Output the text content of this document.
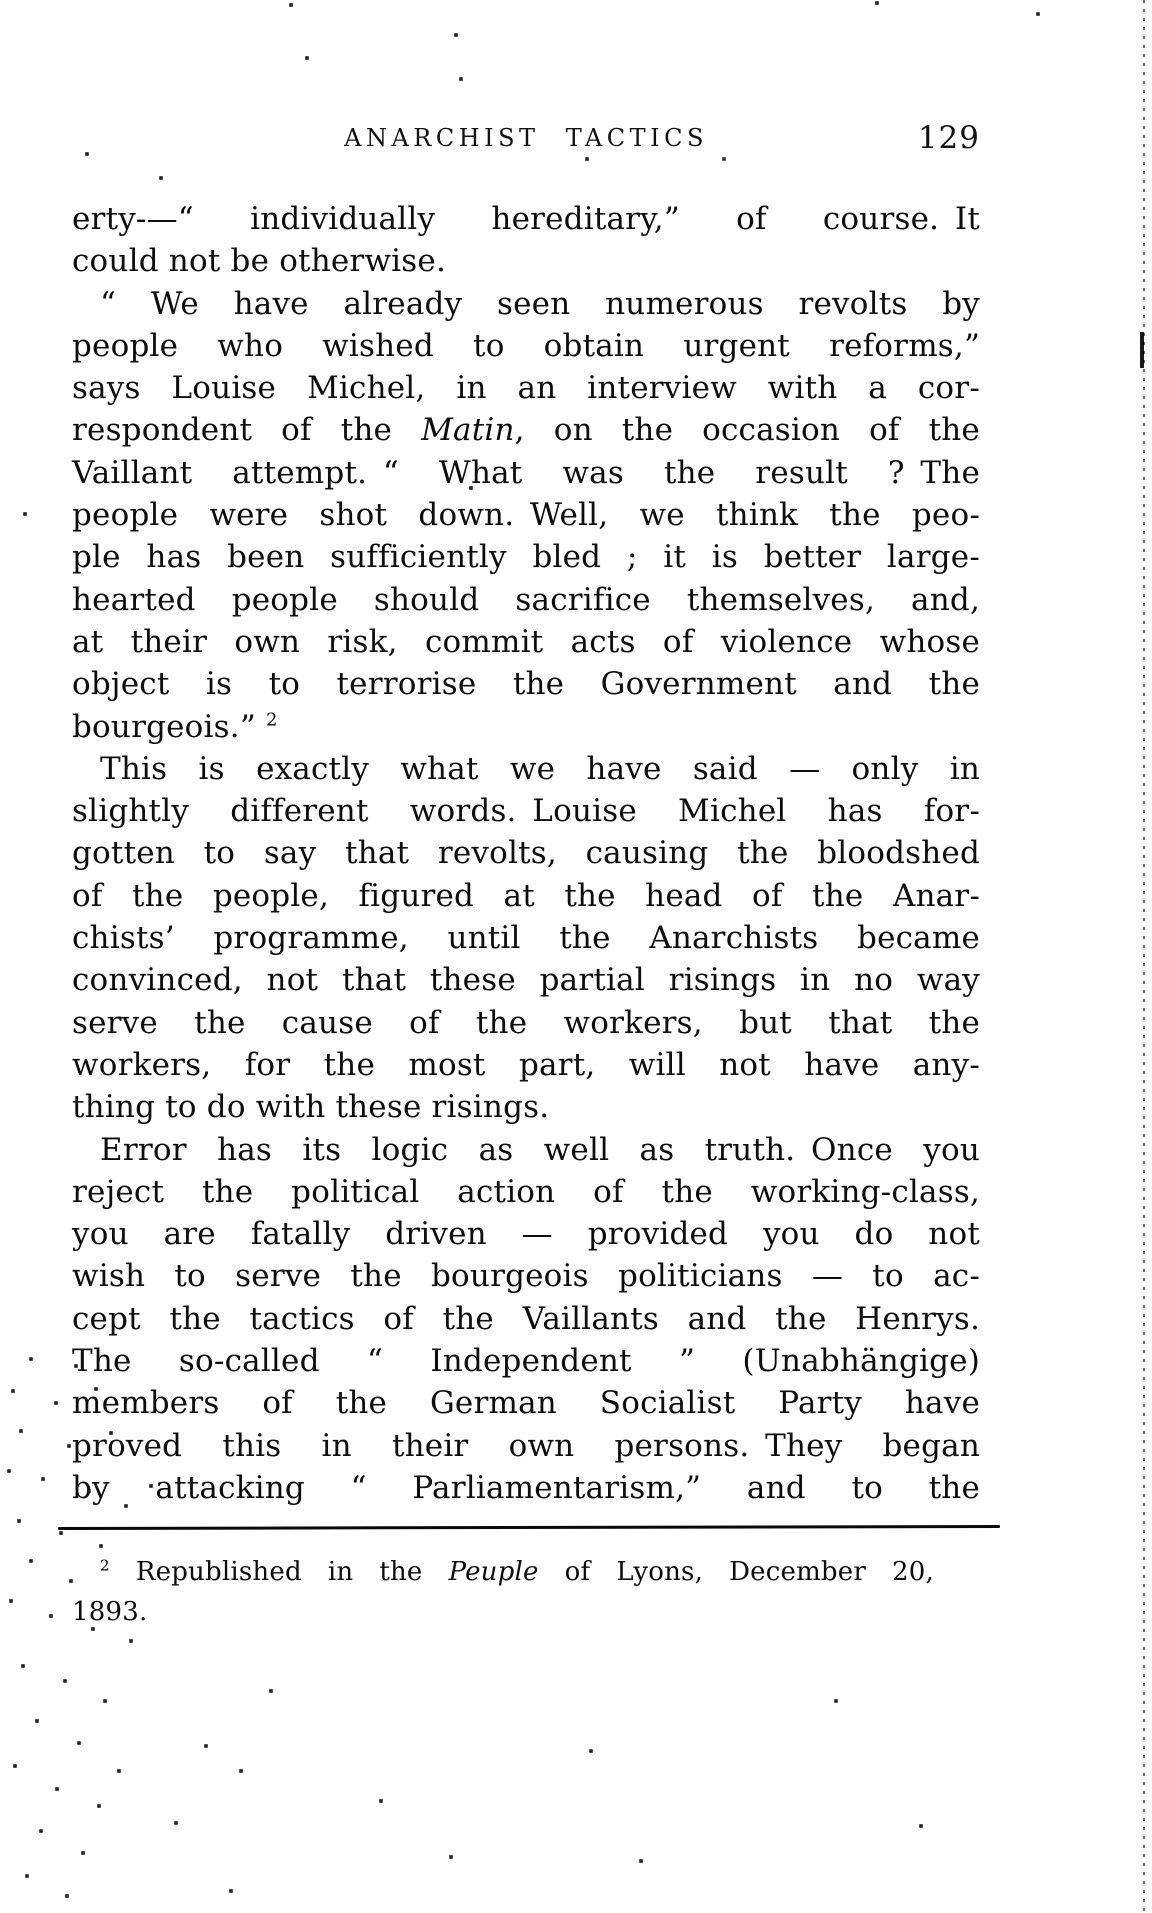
ANARCHIST TACTICS	129
erty-—“ individually hereditary,” of course. It
could not be otherwise.
“ We have already seen numerous revolts by
people who wished to obtain urgent reforms,”
says Louise Michel, in an interview with a cor-
respondent of the Matin, on the occasion of the
Vaillant attempt. “ What was the result ? The
people were shot down. Well, we think the peo-
ple has been sufficiently bled ; it is better large-
hearted people should sacrifice themselves, and,
at their own risk, commit acts of violence whose
object is to terrorise the Government and the
bourgeois.” $^2$
This is exactly what we have said — only in
slightly different words. Louise Michel has for-
gotten to say that revolts, causing the bloodshed
of the people, figured at the head of the Anar-
chists’ programme, until the Anarchists became
convinced, not that these partial risings in no way
serve the cause of the workers, but that the
workers, for the most part, will not have any-
thing to do with these risings.
Error has its logic as well as truth. Once you
reject the political action of the working-class,
you are fatally driven — provided you do not
wish to serve the bourgeois politicians — to ac-
cept the tactics of the Vaillants and the Henrys.
The so-called “ Independent ” (Unabhängige)
members of the German Socialist Party have
proved this in their own persons. They began
by attacking “ Parliamentarism,” and to the
$^2$ Republished in the Peuple of Lyons, December 20,
1893.
